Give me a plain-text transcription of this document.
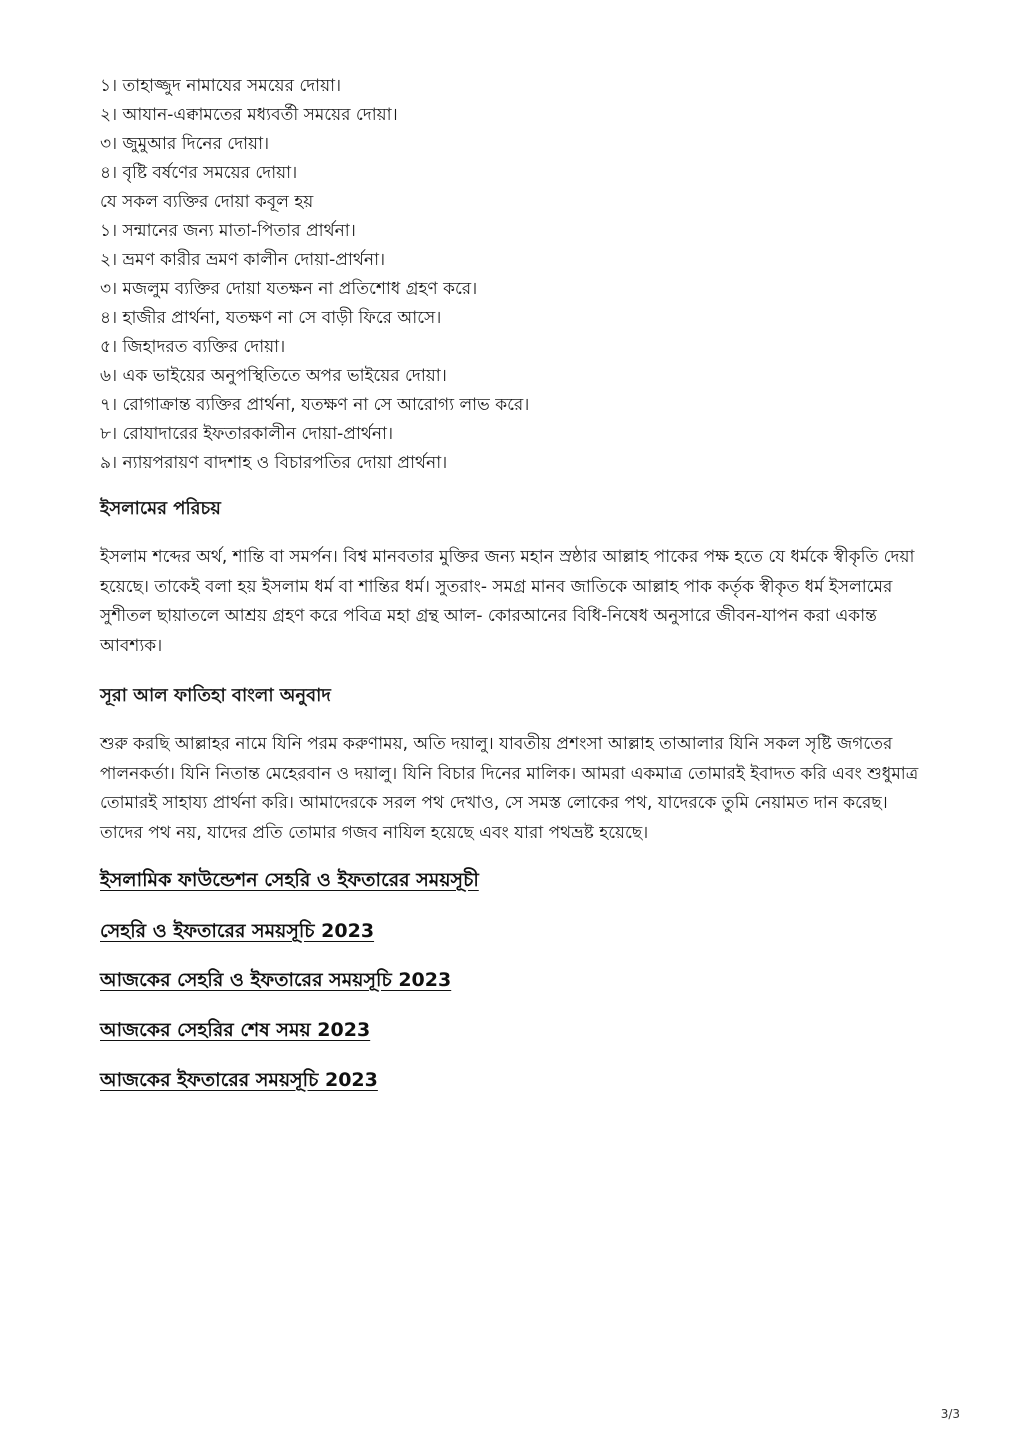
১। তাহাজ্জুদ নামাযের সময়ের দোয়া।
২। আযান-এক্বামতের মধ্যবর্তী সময়ের দোয়া।
৩। জুমুআর দিনের দোয়া।
৪। বৃষ্টি বর্ষণের সময়ের দোয়া।
যে সকল ব্যক্তির দোয়া কবূল হয়
১। সন্মানের জন্য মাতা-পিতার প্রার্থনা।
২। ভ্রমণ কারীর ভ্রমণ কালীন দোয়া-প্রার্থনা।
৩। মজলুম ব্যক্তির দোয়া যতক্ষন না প্রতিশোধ গ্রহণ করে।
৪। হাজীর প্রার্থনা, যতক্ষণ না সে বাড়ী ফিরে আসে।
৫। জিহাদরত ব্যক্তির দোয়া।
৬। এক ভাইয়ের অনুপস্থিতিতে অপর ভাইয়ের দোয়া।
৭। রোগাক্রান্ত ব্যক্তির প্রার্থনা, যতক্ষণ না সে আরোগ্য লাভ করে।
৮। রোযাদারের ইফতারকালীন দোয়া-প্রার্থনা।
৯। ন্যায়পরায়ণ বাদশাহ ও বিচারপতির দোয়া প্রার্থনা।
ইসলামের পরিচয়

ইসলাম শব্দের অর্থ, শান্তি বা সমর্পন। বিশ্ব মানবতার মুক্তির জন্য মহান স্রষ্ঠার আল্লাহ পাকের পক্ষ হতে যে ধর্মকে স্বীকৃতি দেয়া হয়েছে। তাকেই বলা হয় ইসলাম ধর্ম বা শান্তির ধর্ম। সুতরাং- সমগ্র মানব জাতিকে আল্লাহ পাক কর্তৃক স্বীকৃত ধর্ম ইসলামের সুশীতল ছায়াতলে আশ্রয় গ্রহণ করে পবিত্র মহা গ্রন্থ আল- কোরআনের বিধি-নিষেধ অনুসারে জীবন-যাপন করা একান্ত আবশ্যক।

সূরা আল ফাতিহা বাংলা অনুবাদ

শুরু করছি আল্লাহর নামে যিনি পরম করুণাময়, অতি দয়ালু। যাবতীয় প্রশংসা আল্লাহ তাআলার যিনি সকল সৃষ্টি জগতের পালনকর্তা। যিনি নিতান্ত মেহেরবান ও দয়ালু। যিনি বিচার দিনের মালিক। আমরা একমাত্র তোমারই ইবাদত করি এবং শুধুমাত্র তোমারই সাহায্য প্রার্থনা করি। আমাদেরকে সরল পথ দেখাও, সে সমস্ত লোকের পথ, যাদেরকে তুমি নেয়ামত দান করেছ। তাদের পথ নয়, যাদের প্রতি তোমার গজব নাযিল হয়েছে এবং যারা পথভ্রষ্ট হয়েছে।

ইসলামিক ফাউন্ডেশন সেহরি ও ইফতারের সময়সূচী
সেহরি ও ইফতারের সময়সূচি 2023
আজকের সেহরি ও ইফতারের সময়সূচি 2023
আজকের সেহরির শেষ সময় 2023
আজকের ইফতারের সময়সূচি 2023
3/3
